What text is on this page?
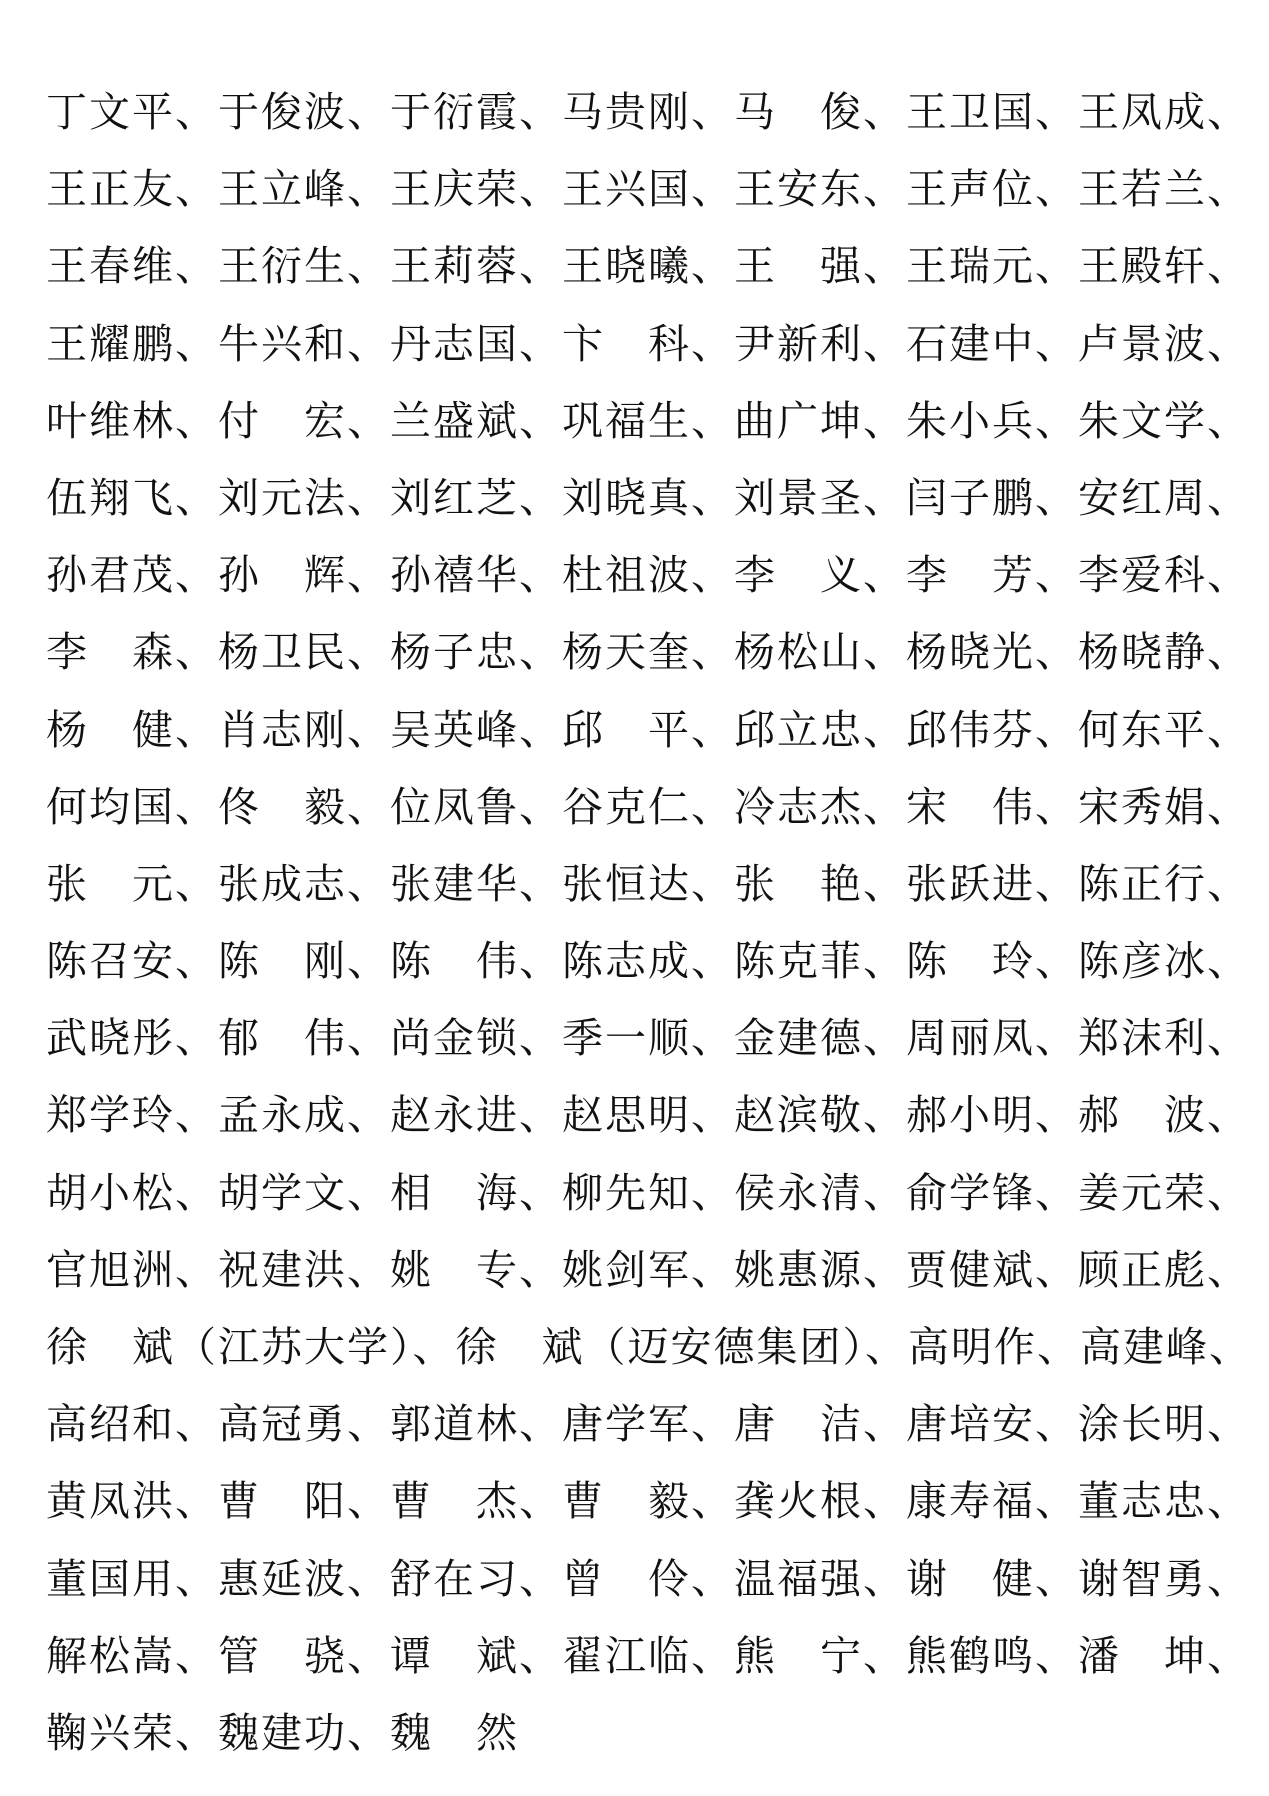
丁文平、于俊波、于衍霞、马贵刚、马　俊、王卫国、王凤成、
王正友、王立峰、王庆荣、王兴国、王安东、王声位、王若兰、
王春维、王衍生、王莉蓉、王晓曦、王　强、王瑞元、王殿轩、
王耀鹏、牛兴和、丹志国、卞　科、尹新利、石建中、卢景波、
叶维林、付　宏、兰盛斌、巩福生、曲广坤、朱小兵、朱文学、
伍翔飞、刘元法、刘红芝、刘晓真、刘景圣、闫子鹏、安红周、
孙君茂、孙　辉、孙禧华、杜祖波、李　义、李　芳、李爱科、
李　森、杨卫民、杨子忠、杨天奎、杨松山、杨晓光、杨晓静、
杨　健、肖志刚、吴英峰、邱　平、邱立忠、邱伟芬、何东平、
何均国、佟　毅、位凤鲁、谷克仁、冷志杰、宋　伟、宋秀娟、
张　元、张成志、张建华、张恒达、张　艳、张跃进、陈正行、
陈召安、陈　刚、陈　伟、陈志成、陈克菲、陈　玲、陈彦冰、
武晓彤、郁　伟、尚金锁、季一顺、金建德、周丽凤、郑沫利、
郑学玲、孟永成、赵永进、赵思明、赵滨敬、郝小明、郝　波、
胡小松、胡学文、相　海、柳先知、侯永清、俞学锋、姜元荣、
官旭洲、祝建洪、姚　专、姚剑军、姚惠源、贾健斌、顾正彪、
徐　斌（江苏大学）、徐　斌（迈安德集团）、高明作、高建峰、
高绍和、高冠勇、郭道林、唐学军、唐　洁、唐培安、涂长明、
黄凤洪、曹　阳、曹　杰、曹　毅、龚火根、康寿福、董志忠、
董国用、惠延波、舒在习、曾　伶、温福强、谢　健、谢智勇、
解松嵩、管　骁、谭　斌、翟江临、熊　宁、熊鹤鸣、潘　坤、
鞠兴荣、魏建功、魏　然
